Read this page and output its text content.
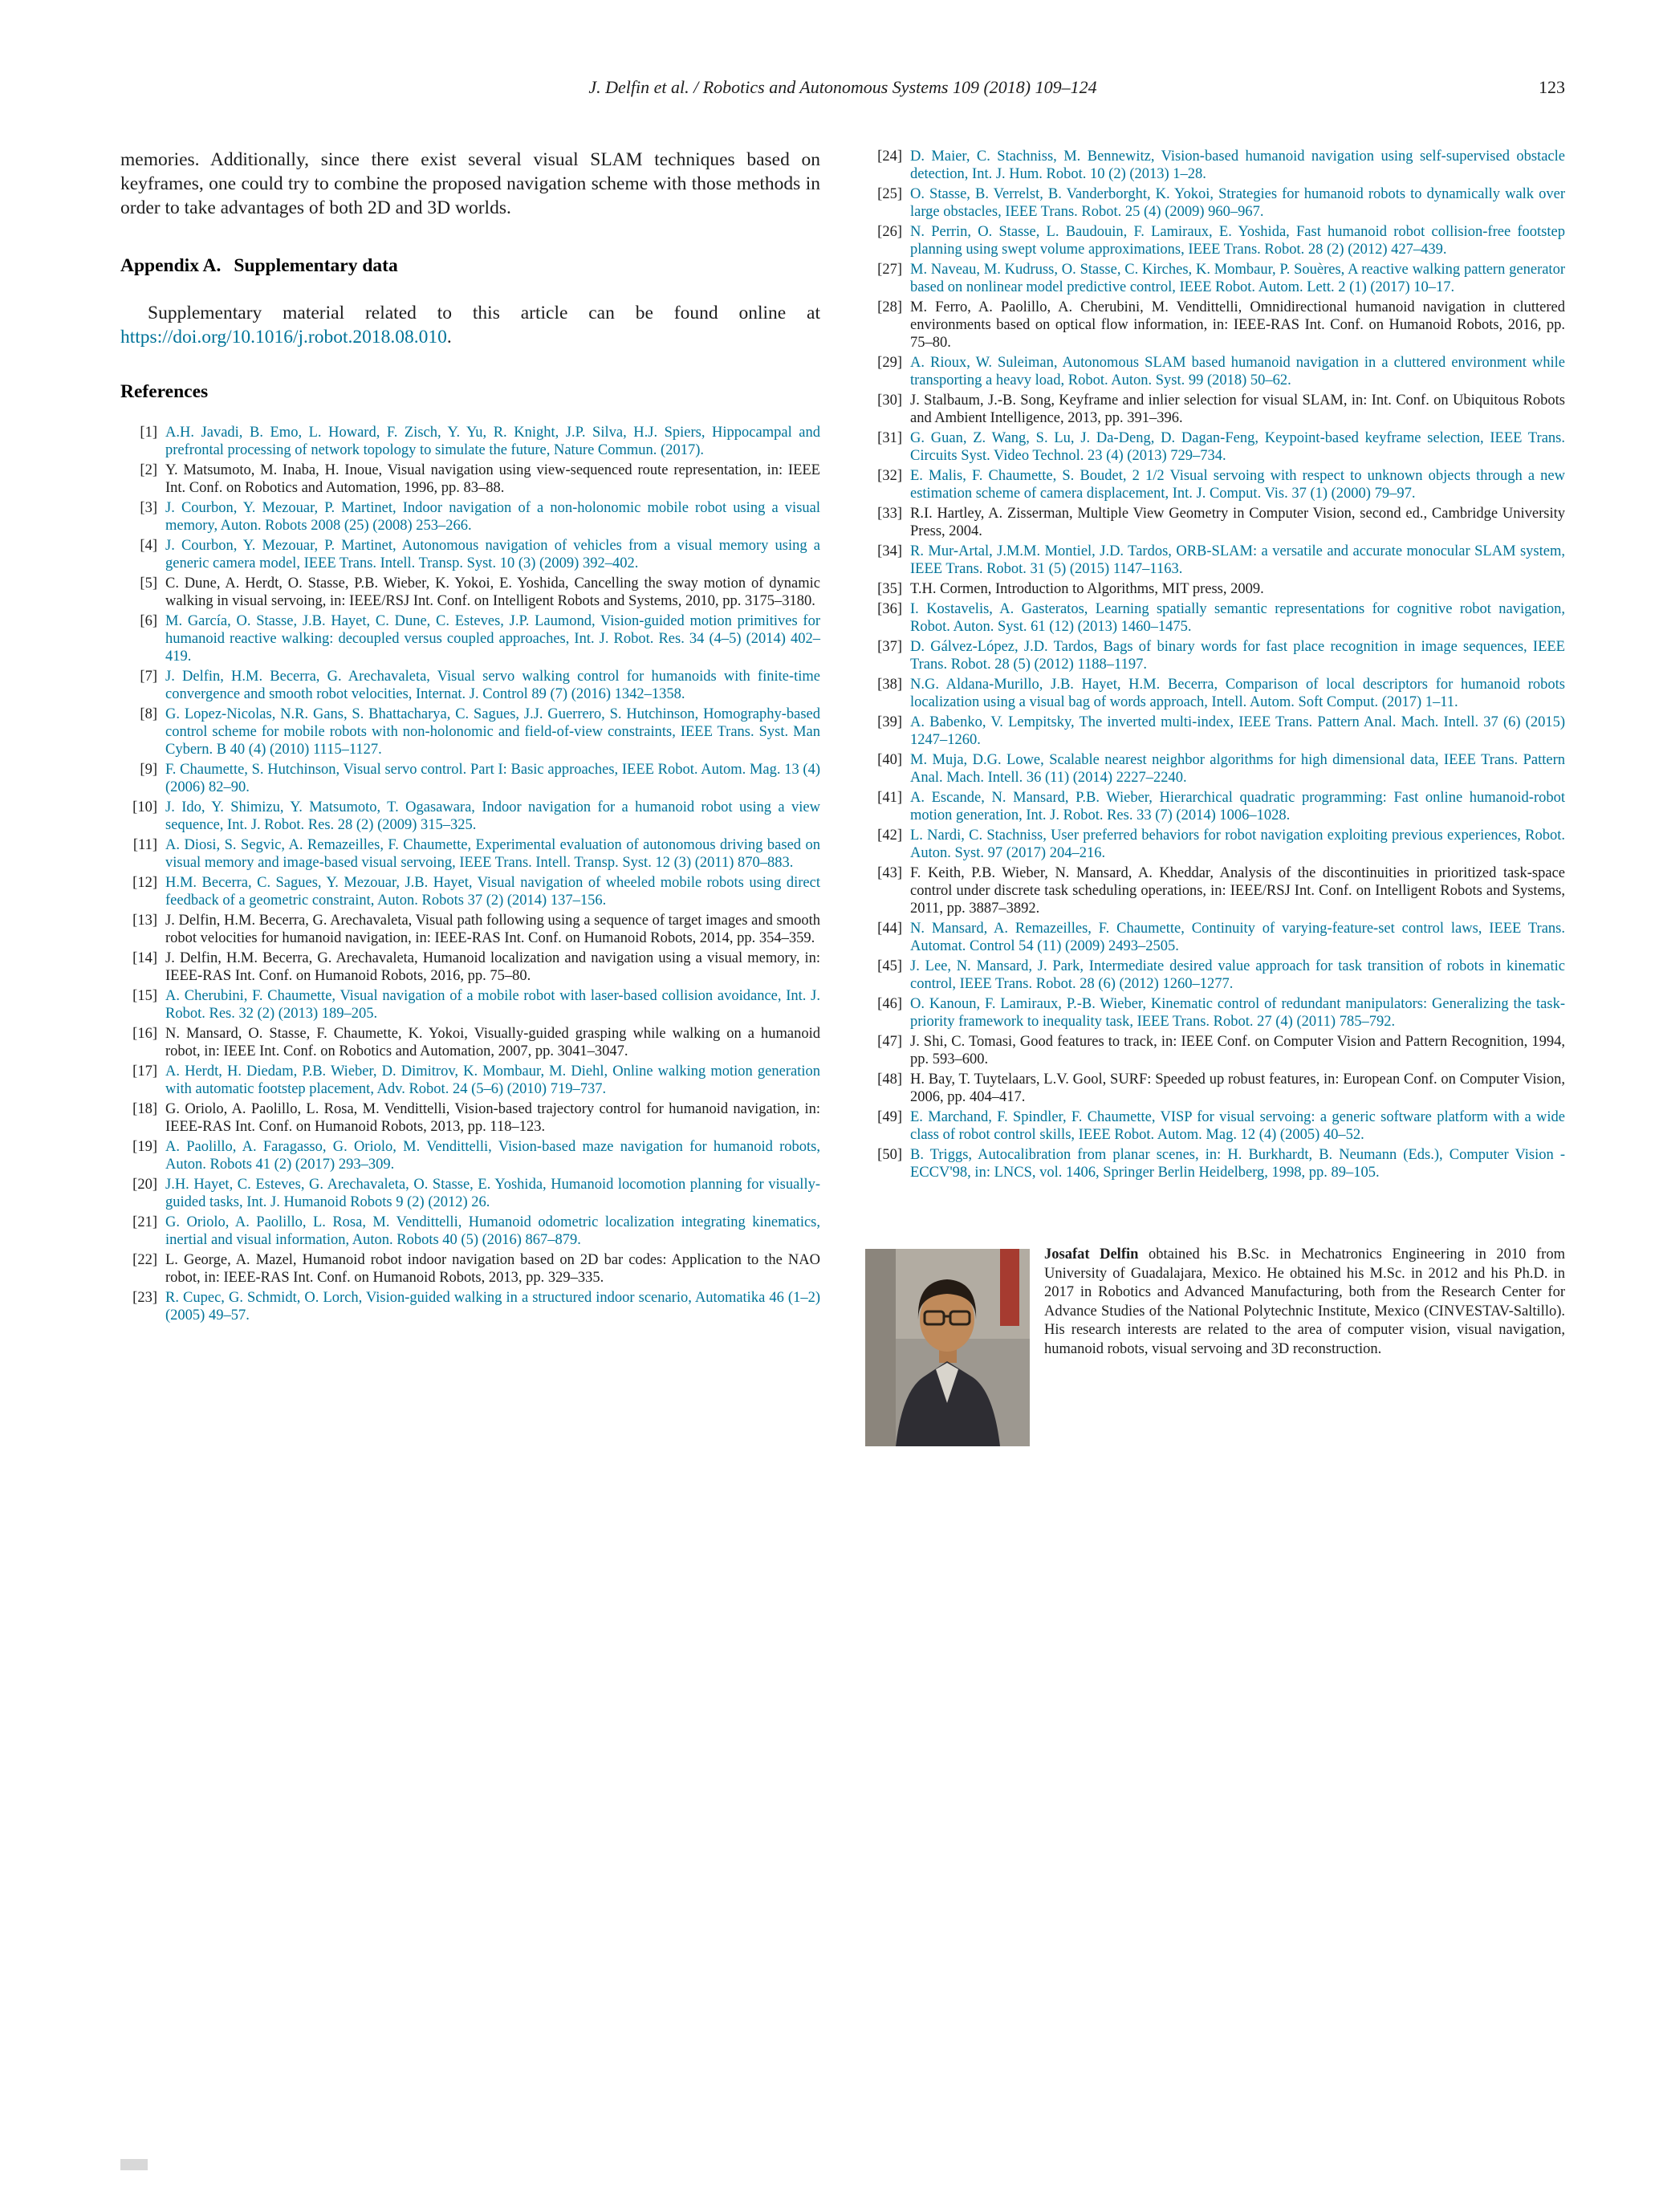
J. Delfin et al. / Robotics and Autonomous Systems 109 (2018) 109–124	123

memories. Additionally, since there exist several visual SLAM techniques based on keyframes, one could try to combine the proposed navigation scheme with those methods in order to take advantages of both 2D and 3D worlds.

Appendix A. Supplementary data

Supplementary material related to this article can be found online at https://doi.org/10.1016/j.robot.2018.08.010.

References
[1] A.H. Javadi, B. Emo, L. Howard, F. Zisch, Y. Yu, R. Knight, J.P. Silva, H.J. Spiers, Hippocampal and prefrontal processing of network topology to simulate the future, Nature Commun. (2017).
[2] Y. Matsumoto, M. Inaba, H. Inoue, Visual navigation using view-sequenced route representation, in: IEEE Int. Conf. on Robotics and Automation, 1996, pp. 83–88.
[3] J. Courbon, Y. Mezouar, P. Martinet, Indoor navigation of a non-holonomic mobile robot using a visual memory, Auton. Robots 2008 (25) (2008) 253–266.
[4] J. Courbon, Y. Mezouar, P. Martinet, Autonomous navigation of vehicles from a visual memory using a generic camera model, IEEE Trans. Intell. Transp. Syst. 10 (3) (2009) 392–402.
[5] C. Dune, A. Herdt, O. Stasse, P.B. Wieber, K. Yokoi, E. Yoshida, Cancelling the sway motion of dynamic walking in visual servoing, in: IEEE/RSJ Int. Conf. on Intelligent Robots and Systems, 2010, pp. 3175–3180.
[6] M. García, O. Stasse, J.B. Hayet, C. Dune, C. Esteves, J.P. Laumond, Vision-guided motion primitives for humanoid reactive walking: decoupled versus coupled approaches, Int. J. Robot. Res. 34 (4–5) (2014) 402–419.
[7] J. Delfin, H.M. Becerra, G. Arechavaleta, Visual servo walking control for humanoids with finite-time convergence and smooth robot velocities, Internat. J. Control 89 (7) (2016) 1342–1358.
[8] G. Lopez-Nicolas, N.R. Gans, S. Bhattacharya, C. Sagues, J.J. Guerrero, S. Hutchinson, Homography-based control scheme for mobile robots with non-holonomic and field-of-view constraints, IEEE Trans. Syst. Man Cybern. B 40 (4) (2010) 1115–1127.
[9] F. Chaumette, S. Hutchinson, Visual servo control. Part I: Basic approaches, IEEE Robot. Autom. Mag. 13 (4) (2006) 82–90.
[10] J. Ido, Y. Shimizu, Y. Matsumoto, T. Ogasawara, Indoor navigation for a humanoid robot using a view sequence, Int. J. Robot. Res. 28 (2) (2009) 315–325.
[11] A. Diosi, S. Segvic, A. Remazeilles, F. Chaumette, Experimental evaluation of autonomous driving based on visual memory and image-based visual servoing, IEEE Trans. Intell. Transp. Syst. 12 (3) (2011) 870–883.
[12] H.M. Becerra, C. Sagues, Y. Mezouar, J.B. Hayet, Visual navigation of wheeled mobile robots using direct feedback of a geometric constraint, Auton. Robots 37 (2) (2014) 137–156.
[13] J. Delfin, H.M. Becerra, G. Arechavaleta, Visual path following using a sequence of target images and smooth robot velocities for humanoid navigation, in: IEEE-RAS Int. Conf. on Humanoid Robots, 2014, pp. 354–359.
[14] J. Delfin, H.M. Becerra, G. Arechavaleta, Humanoid localization and navigation using a visual memory, in: IEEE-RAS Int. Conf. on Humanoid Robots, 2016, pp. 75–80.
[15] A. Cherubini, F. Chaumette, Visual navigation of a mobile robot with laser-based collision avoidance, Int. J. Robot. Res. 32 (2) (2013) 189–205.
[16] N. Mansard, O. Stasse, F. Chaumette, K. Yokoi, Visually-guided grasping while walking on a humanoid robot, in: IEEE Int. Conf. on Robotics and Automation, 2007, pp. 3041–3047.
[17] A. Herdt, H. Diedam, P.B. Wieber, D. Dimitrov, K. Mombaur, M. Diehl, Online walking motion generation with automatic footstep placement, Adv. Robot. 24 (5–6) (2010) 719–737.
[18] G. Oriolo, A. Paolillo, L. Rosa, M. Vendittelli, Vision-based trajectory control for humanoid navigation, in: IEEE-RAS Int. Conf. on Humanoid Robots, 2013, pp. 118–123.
[19] A. Paolillo, A. Faragasso, G. Oriolo, M. Vendittelli, Vision-based maze navigation for humanoid robots, Auton. Robots 41 (2) (2017) 293–309.
[20] J.H. Hayet, C. Esteves, G. Arechavaleta, O. Stasse, E. Yoshida, Humanoid locomotion planning for visually-guided tasks, Int. J. Humanoid Robots 9 (2) (2012) 26.
[21] G. Oriolo, A. Paolillo, L. Rosa, M. Vendittelli, Humanoid odometric localization integrating kinematics, inertial and visual information, Auton. Robots 40 (5) (2016) 867–879.
[22] L. George, A. Mazel, Humanoid robot indoor navigation based on 2D bar codes: Application to the NAO robot, in: IEEE-RAS Int. Conf. on Humanoid Robots, 2013, pp. 329–335.
[23] R. Cupec, G. Schmidt, O. Lorch, Vision-guided walking in a structured indoor scenario, Automatika 46 (1–2) (2005) 49–57.
[24] D. Maier, C. Stachniss, M. Bennewitz, Vision-based humanoid navigation using self-supervised obstacle detection, Int. J. Hum. Robot. 10 (2) (2013) 1–28.
[25] O. Stasse, B. Verrelst, B. Vanderborght, K. Yokoi, Strategies for humanoid robots to dynamically walk over large obstacles, IEEE Trans. Robot. 25 (4) (2009) 960–967.
[26] N. Perrin, O. Stasse, L. Baudouin, F. Lamiraux, E. Yoshida, Fast humanoid robot collision-free footstep planning using swept volume approximations, IEEE Trans. Robot. 28 (2) (2012) 427–439.
[27] M. Naveau, M. Kudruss, O. Stasse, C. Kirches, K. Mombaur, P. Souères, A reactive walking pattern generator based on nonlinear model predictive control, IEEE Robot. Autom. Lett. 2 (1) (2017) 10–17.
[28] M. Ferro, A. Paolillo, A. Cherubini, M. Vendittelli, Omnidirectional humanoid navigation in cluttered environments based on optical flow information, in: IEEE-RAS Int. Conf. on Humanoid Robots, 2016, pp. 75–80.
[29] A. Rioux, W. Suleiman, Autonomous SLAM based humanoid navigation in a cluttered environment while transporting a heavy load, Robot. Auton. Syst. 99 (2018) 50–62.
[30] J. Stalbaum, J.-B. Song, Keyframe and inlier selection for visual SLAM, in: Int. Conf. on Ubiquitous Robots and Ambient Intelligence, 2013, pp. 391–396.
[31] G. Guan, Z. Wang, S. Lu, J. Da-Deng, D. Dagan-Feng, Keypoint-based keyframe selection, IEEE Trans. Circuits Syst. Video Technol. 23 (4) (2013) 729–734.
[32] E. Malis, F. Chaumette, S. Boudet, 2 1/2 Visual servoing with respect to unknown objects through a new estimation scheme of camera displacement, Int. J. Comput. Vis. 37 (1) (2000) 79–97.
[33] R.I. Hartley, A. Zisserman, Multiple View Geometry in Computer Vision, second ed., Cambridge University Press, 2004.
[34] R. Mur-Artal, J.M.M. Montiel, J.D. Tardos, ORB-SLAM: a versatile and accurate monocular SLAM system, IEEE Trans. Robot. 31 (5) (2015) 1147–1163.
[35] T.H. Cormen, Introduction to Algorithms, MIT press, 2009.
[36] I. Kostavelis, A. Gasteratos, Learning spatially semantic representations for cognitive robot navigation, Robot. Auton. Syst. 61 (12) (2013) 1460–1475.
[37] D. Gálvez-López, J.D. Tardos, Bags of binary words for fast place recognition in image sequences, IEEE Trans. Robot. 28 (5) (2012) 1188–1197.
[38] N.G. Aldana-Murillo, J.B. Hayet, H.M. Becerra, Comparison of local descriptors for humanoid robots localization using a visual bag of words approach, Intell. Autom. Soft Comput. (2017) 1–11.
[39] A. Babenko, V. Lempitsky, The inverted multi-index, IEEE Trans. Pattern Anal. Mach. Intell. 37 (6) (2015) 1247–1260.
[40] M. Muja, D.G. Lowe, Scalable nearest neighbor algorithms for high dimensional data, IEEE Trans. Pattern Anal. Mach. Intell. 36 (11) (2014) 2227–2240.
[41] A. Escande, N. Mansard, P.B. Wieber, Hierarchical quadratic programming: Fast online humanoid-robot motion generation, Int. J. Robot. Res. 33 (7) (2014) 1006–1028.
[42] L. Nardi, C. Stachniss, User preferred behaviors for robot navigation exploiting previous experiences, Robot. Auton. Syst. 97 (2017) 204–216.
[43] F. Keith, P.B. Wieber, N. Mansard, A. Kheddar, Analysis of the discontinuities in prioritized task-space control under discrete task scheduling operations, in: IEEE/RSJ Int. Conf. on Intelligent Robots and Systems, 2011, pp. 3887–3892.
[44] N. Mansard, A. Remazeilles, F. Chaumette, Continuity of varying-feature-set control laws, IEEE Trans. Automat. Control 54 (11) (2009) 2493–2505.
[45] J. Lee, N. Mansard, J. Park, Intermediate desired value approach for task transition of robots in kinematic control, IEEE Trans. Robot. 28 (6) (2012) 1260–1277.
[46] O. Kanoun, F. Lamiraux, P.-B. Wieber, Kinematic control of redundant manipulators: Generalizing the task-priority framework to inequality task, IEEE Trans. Robot. 27 (4) (2011) 785–792.
[47] J. Shi, C. Tomasi, Good features to track, in: IEEE Conf. on Computer Vision and Pattern Recognition, 1994, pp. 593–600.
[48] H. Bay, T. Tuytelaars, L.V. Gool, SURF: Speeded up robust features, in: European Conf. on Computer Vision, 2006, pp. 404–417.
[49] E. Marchand, F. Spindler, F. Chaumette, VISP for visual servoing: a generic software platform with a wide class of robot control skills, IEEE Robot. Autom. Mag. 12 (4) (2005) 40–52.
[50] B. Triggs, Autocalibration from planar scenes, in: H. Burkhardt, B. Neumann (Eds.), Computer Vision - ECCV'98, in: LNCS, vol. 1406, Springer Berlin Heidelberg, 1998, pp. 89–105.

Josafat Delfin obtained his B.Sc. in Mechatronics Engineering in 2010 from University of Guadalajara, Mexico. He obtained his M.Sc. in 2012 and his Ph.D. in 2017 in Robotics and Advanced Manufacturing, both from the Research Center for Advance Studies of the National Polytechnic Institute, Mexico (CINVESTAV-Saltillo). His research interests are related to the area of computer vision, visual navigation, humanoid robots, visual servoing and 3D reconstruction.
